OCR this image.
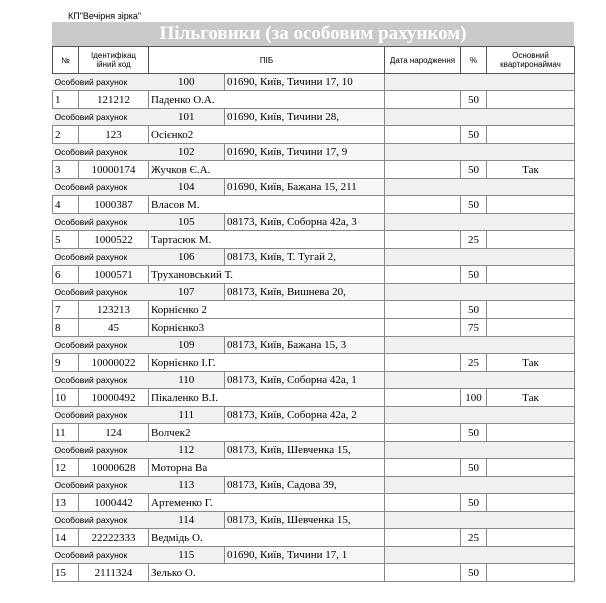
КП"Вечірня зірка"
Пільговики (за особовим рахунком)
№	Ідентифікац ійний код	ПІБ		Дата народження	%	Основний квартиронаймач
Особовий рахунок		100	01690, Київ, Тичини 17, 10			
1	121212	Паденко О.А.			50	
Особовий рахунок		101	01690, Київ, Тичини 28,			
2	123	Осієнко2			50	
Особовий рахунок		102	01690, Київ, Тичини 17, 9			
3	10000174	Жучков Є.А.			50	Так
Особовий рахунок		104	01690, Київ, Бажана 15, 211			
4	1000387	Власов М.			50	
Особовий рахунок		105	08173, Київ, Соборна 42а, 3			
5	1000522	Тартасюк М.			25	
Особовий рахунок		106	08173, Київ, Т. Тугай 2,			
6	1000571	Трухановський Т.			50	
Особовий рахунок		107	08173, Київ, Вишнева 20,			
7	123213	Корнієнко 2			50	
8	45	Корнієнко3			75	
Особовий рахунок		109	08173, Київ, Бажана 15, 3			
9	10000022	Корнієнко І.Г.			25	Так
Особовий рахунок		110	08173, Київ, Соборна 42а, 1			
10	10000492	Пікаленко В.І.			100	Так
Особовий рахунок		111	08173, Київ, Соборна 42а, 2			
11	124	Волчек2			50	
Особовий рахунок		112	08173, Київ, Шевченка 15,			
12	10000628	Моторна Ва			50	
Особовий рахунок		113	08173, Київ, Садова 39,			
13	1000442	Артеменко Г.			50	
Особовий рахунок		114	08173, Київ, Шевченка 15,			
14	22222333	Ведмідь О.			25	
Особовий рахунок		115	01690, Київ, Тичини 17, 1			
15	2111324	Зелько О.			50	
